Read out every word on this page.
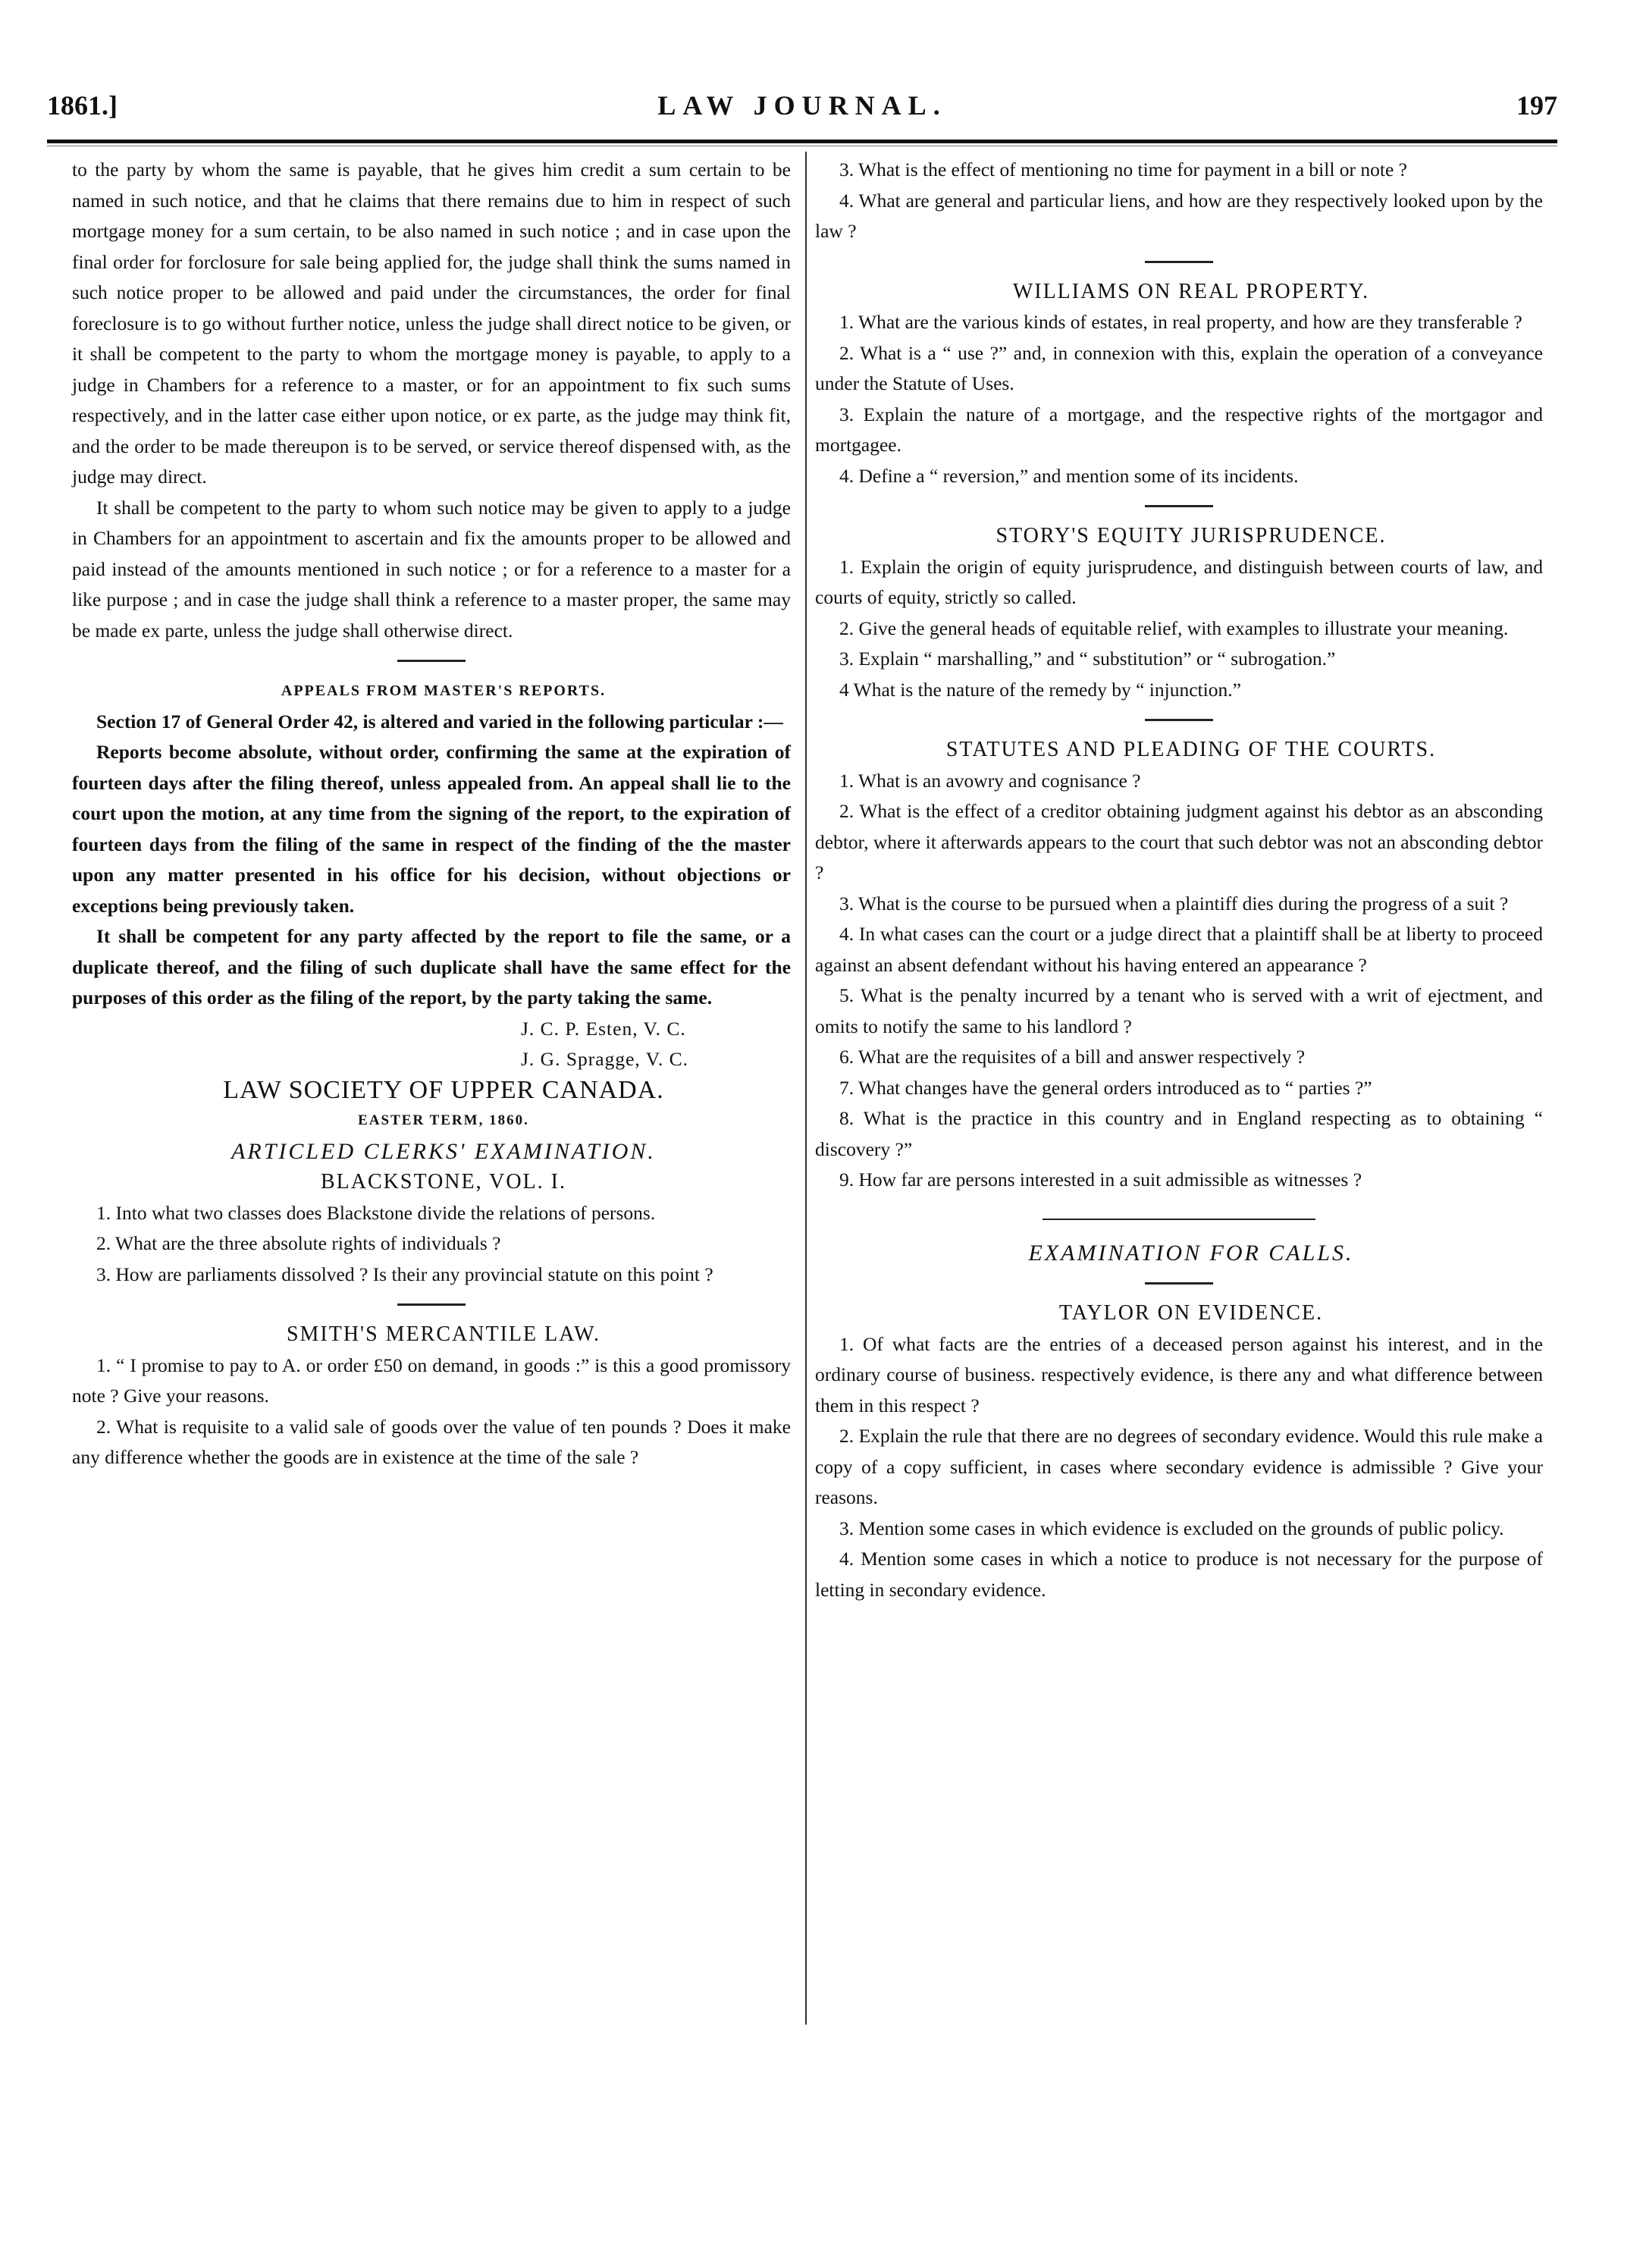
1861.]	LAW JOURNAL.	197

to the party by whom the same is payable, that he gives him credit a sum certain to be named in such notice, and that he claims that there remains due to him in respect of such mortgage money for a sum certain, to be also named in such notice ; and in case upon the final order for forclosure for sale being applied for, the judge shall think the sums named in such notice proper to be allowed and paid under the circumstances, the order for final foreclosure is to go without further notice, unless the judge shall direct notice to be given, or it shall be competent to the party to whom the mortgage money is payable, to apply to a judge in Chambers for a reference to a master, or for an appointment to fix such sums respectively, and in the latter case either upon notice, or ex parte, as the judge may think fit, and the order to be made thereupon is to be served, or service thereof dispensed with, as the judge may direct.

It shall be competent to the party to whom such notice may be given to apply to a judge in Chambers for an appointment to ascertain and fix the amounts proper to be allowed and paid instead of the amounts mentioned in such notice ; or for a reference to a master for a like purpose ; and in case the judge shall think a reference to a master proper, the same may be made ex parte, unless the judge shall otherwise direct.

APPEALS FROM MASTER'S REPORTS.

Section 17 of General Order 42, is altered and varied in the following particular :—

Reports become absolute, without order, confirming the same at the expiration of fourteen days after the filing thereof, unless appealed from. An appeal shall lie to the court upon the motion, at any time from the signing of the report, to the expiration of fourteen days from the filing of the same in respect of the finding of the the master upon any matter presented in his office for his decision, without objections or exceptions being previously taken.

It shall be competent for any party affected by the report to file the same, or a duplicate thereof, and the filing of such duplicate shall have the same effect for the purposes of this order as the filing of the report, by the party taking the same.

J. C. P. Esten, V. C.

J. G. Spragge, V. C.

LAW SOCIETY OF UPPER CANADA.

EASTER TERM, 1860.

ARTICLED CLERKS' EXAMINATION.

BLACKSTONE, VOL. I.

1. Into what two classes does Blackstone divide the relations of persons.

2. What are the three absolute rights of individuals ?

3. How are parliaments dissolved ? Is their any provincial statute on this point ?

SMITH'S MERCANTILE LAW.

1. “ I promise to pay to A. or order £50 on demand, in goods :” is this a good promissory note ? Give your reasons.

2. What is requisite to a valid sale of goods over the value of ten pounds ? Does it make any difference whether the goods are in existence at the time of the sale ?

3. What is the effect of mentioning no time for payment in a bill or note ?

4. What are general and particular liens, and how are they respectively looked upon by the law ?

WILLIAMS ON REAL PROPERTY.

1. What are the various kinds of estates, in real property, and how are they transferable ?

2. What is a “ use ?” and, in connexion with this, explain the operation of a conveyance under the Statute of Uses.

3. Explain the nature of a mortgage, and the respective rights of the mortgagor and mortgagee.

4. Define a “ reversion,” and mention some of its incidents.

STORY'S EQUITY JURISPRUDENCE.

1. Explain the origin of equity jurisprudence, and distinguish between courts of law, and courts of equity, strictly so called.

2. Give the general heads of equitable relief, with examples to illustrate your meaning.

3. Explain “ marshalling,” and “ substitution” or “ subrogation.”

4 What is the nature of the remedy by “ injunction.”

STATUTES AND PLEADING OF THE COURTS.

1. What is an avowry and cognisance ?

2. What is the effect of a creditor obtaining judgment against his debtor as an absconding debtor, where it afterwards appears to the court that such debtor was not an absconding debtor ?

3. What is the course to be pursued when a plaintiff dies during the progress of a suit ?

4. In what cases can the court or a judge direct that a plaintiff shall be at liberty to proceed against an absent defendant without his having entered an appearance ?

5. What is the penalty incurred by a tenant who is served with a writ of ejectment, and omits to notify the same to his landlord ?

6. What are the requisites of a bill and answer respectively ?

7. What changes have the general orders introduced as to “ parties ?”

8. What is the practice in this country and in England respecting as to obtaining “ discovery ?”

9. How far are persons interested in a suit admissible as witnesses ?

EXAMINATION FOR CALLS.

TAYLOR ON EVIDENCE.

1. Of what facts are the entries of a deceased person against his interest, and in the ordinary course of business. respectively evidence, is there any and what difference between them in this respect ?

2. Explain the rule that there are no degrees of secondary evidence. Would this rule make a copy of a copy sufficient, in cases where secondary evidence is admissible ? Give your reasons.

3. Mention some cases in which evidence is excluded on the grounds of public policy.

4. Mention some cases in which a notice to produce is not necessary for the purpose of letting in secondary evidence.
